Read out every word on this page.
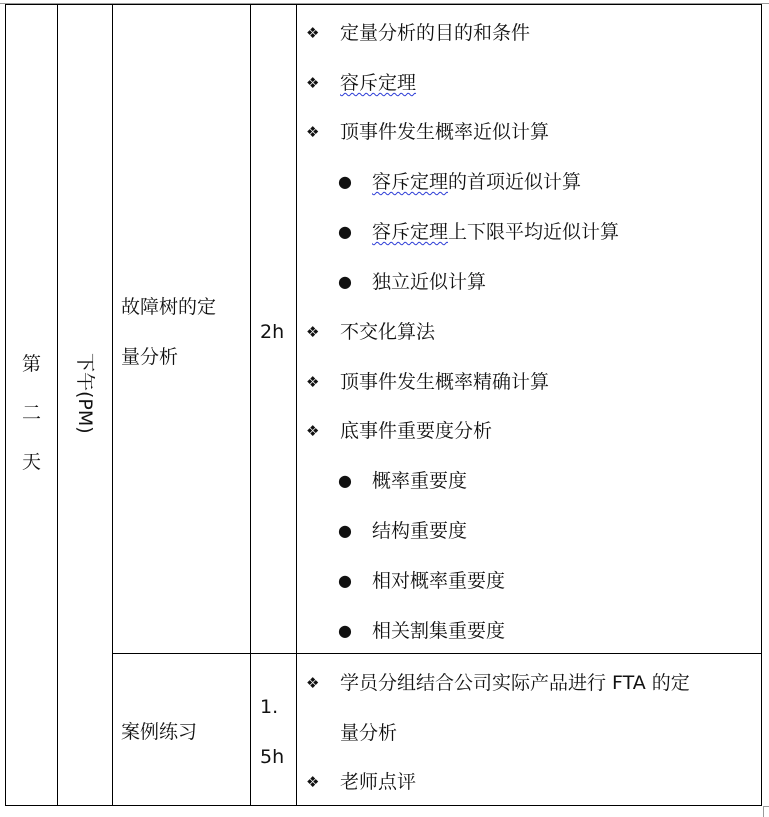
第
二
天
下午(PM)
故障树的定
量分析
2h
❖ 定量分析的目的和条件
❖ 容斥定理
❖ 顶事件发生概率近似计算
● 容斥定理的首项近似计算
● 容斥定理上下限平均近似计算
● 独立近似计算
❖ 不交化算法
❖ 顶事件发生概率精确计算
❖ 底事件重要度分析
● 概率重要度
● 结构重要度
● 相对概率重要度
● 相关割集重要度
案例练习
1.
5h
❖ 学员分组结合公司实际产品进行 FTA 的定
量分析
❖ 老师点评
